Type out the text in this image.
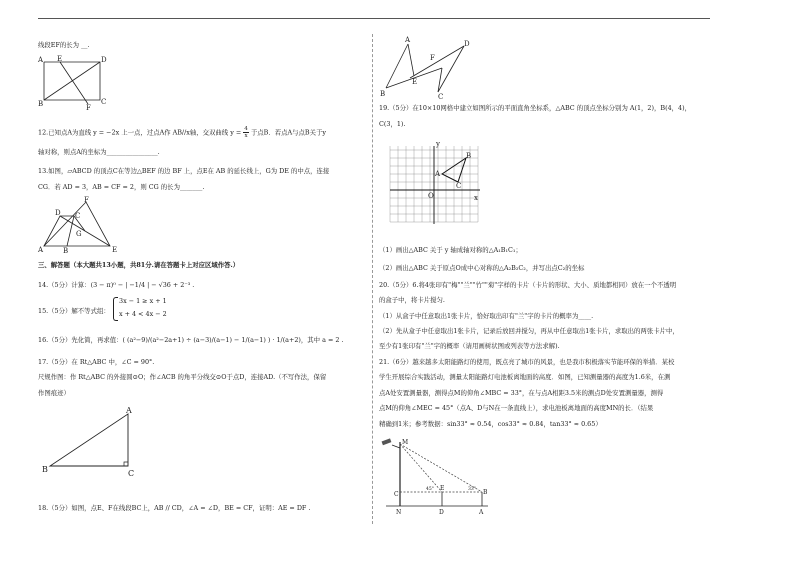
线段EF的长为 __.
A E	D
B	F
C
12.已知点A为直线 y = −2x 上一点，过点A作 AB//x轴，交双曲线 $y = \frac{4}{x}$ 于点B．若点A与点B关于y
轴对称，则点A的坐标为________________.
13.如图，▱ABCD 的顶点C在等边△BEF 的边 BF 上，点E在 AB 的延长线上，G为 DE 的中点，连接
CG．若 AD = 3，AB = CF = 2，则 CG 的长为_______.
A	B	E
D C
F
G
三、解答题（本大题共13小题，共81分.请在答题卡上对应区域作答.）
14.（5分）计算：(3 − π)⁰ − | −1/4 | − √36 + 2⁻³ .
15.（5分）解不等式组：
3x − 1 ≥ x + 1
x + 4 < 4x − 2
16.（5分）先化简，再求值：( (a²−9)/(a²−2a+1) ÷ (a−3)/(a−1) − 1/(a−1) ) · 1/(a+2)，其中 a = 2 .
17.（5分）在 Rt△ABC 中，∠C = 90°.
尺规作图：作 Rt△ABC 的外接圆⊙O；作∠ACB 的角平分线交⊙O于点D，连接AD.（不写作法，保留
作图痕迹）
A
B	C
18.（5分）如图，点E、F在线段BC上，AB // CD，∠A = ∠D，BE = CF，证明：AE = DF .
A
B
E
F
C
D
19.（5分）在10×10网格中建立如图所示的平面直角坐标系，△ABC 的顶点坐标分别为 A(1，2)，B(4，4)，
C(3，1).
y
x
O
A
B
C
（1）画出△ABC 关于 y 轴成轴对称的△A₁B₁C₁；
（2）画出△ABC 关于原点O成中心对称的△A₂B₂C₂，并写出点C₂的坐标
20.（5分）6.将4张印有"梅""兰""竹""菊"字样的卡片（卡片的形状、大小、质地都相同）放在一个不透明
的盒子中，将卡片搅匀.
（1）从盒子中任意取出1张卡片，恰好取出印有"兰"字的卡片的概率为____.
（2）先从盒子中任意取出1张卡片，记录后放回并搅匀，再从中任意取出1张卡片，求取出的两张卡片中，
至少有1张印有"兰"字的概率（请用画树状图或列表等方法求解).
21.（6分）越来越多太阳能路灯的使用，既点亮了城市的风景，也是我市积极落实节能环保的举措．某校
学生开展综合实践活动，测量太阳能路灯电池板离地面的高度．如图，已知测量器的高度为1.6米，在测
点A处安置测量器，测得点M的仰角∠MBC = 33°，在与点A相距3.5米的测点D处安置测量器，测得
点M的仰角∠MEC = 45°（点A、D与N在一条直线上），求电池板离地面的高度MN的长．（结果
精确到1米；参考数据：sin33° ≈ 0.54，cos33° ≈ 0.84，tan33° ≈ 0.65）
M
N	D	A
C
E
B
45°	33°
